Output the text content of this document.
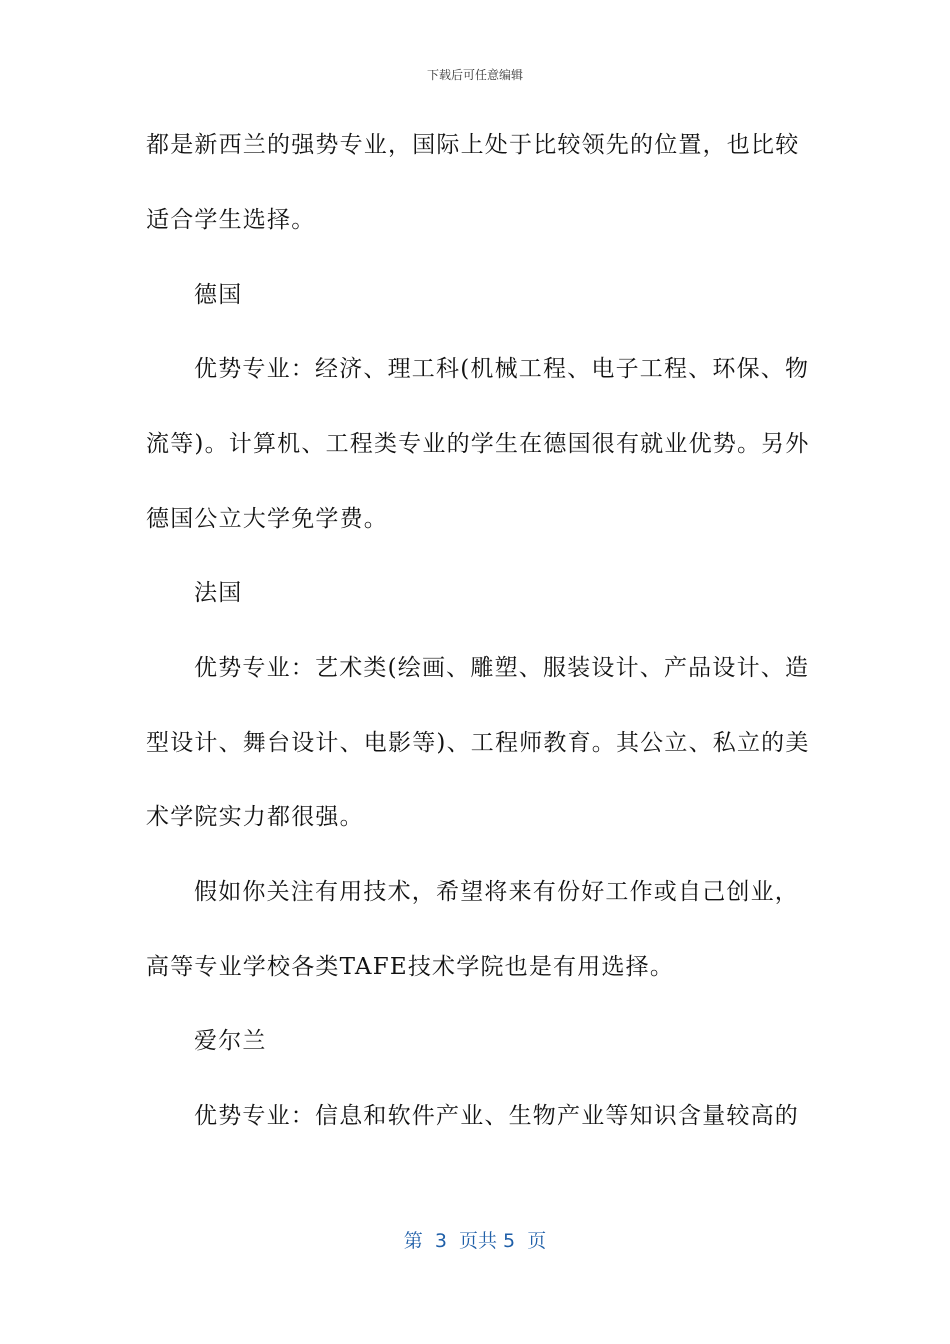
下载后可任意编辑
都是新西兰的强势专业，国际上处于比较领先的位置，也比较
适合学生选择。
德国
优势专业：经济、理工科(机械工程、电子工程、环保、物
流等)。计算机、工程类专业的学生在德国很有就业优势。另外
德国公立大学免学费。
法国
优势专业：艺术类(绘画、雕塑、服装设计、产品设计、造
型设计、舞台设计、电影等)、工程师教育。其公立、私立的美
术学院实力都很强。
假如你关注有用技术，希望将来有份好工作或自己创业，
高等专业学校各类TAFE技术学院也是有用选择。
爱尔兰
优势专业：信息和软件产业、生物产业等知识含量较高的
第  3  页共 5  页
